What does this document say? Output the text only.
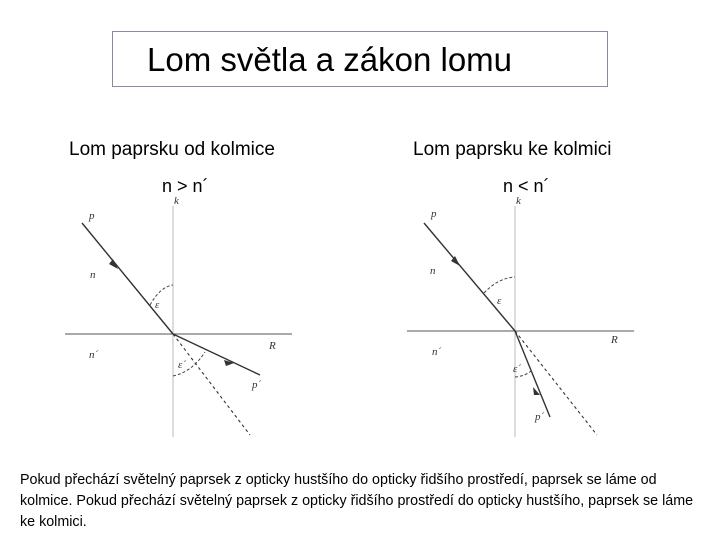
Lom světla a zákon lomu
Lom paprsku od kolmice	Lom paprsku ke kolmici
n > n´	n < n´
p
k
n
ε
n´
R
ε´
p´
p
k
n
ε
n´
R
ε´
p´
Pokud přechází světelný paprsek z opticky hustšího do opticky řidšího prostředí, paprsek se láme od kolmice. Pokud přechází světelný paprsek z opticky řidšího prostředí do opticky hustšího, paprsek se láme ke kolmici.
